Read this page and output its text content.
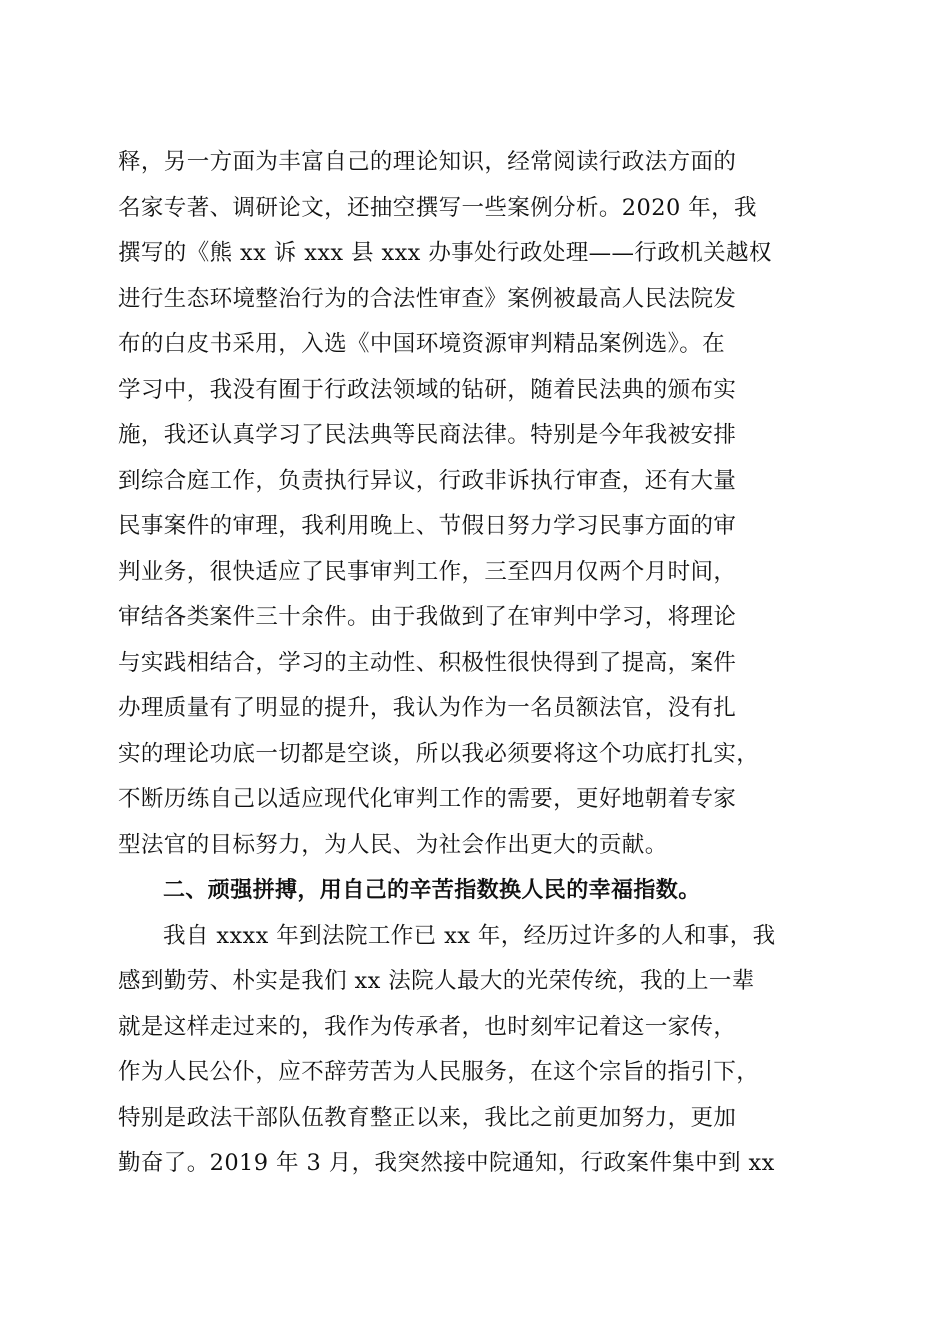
释，另一方面为丰富自己的理论知识，经常阅读行政法方面的
名家专著、调研论文，还抽空撰写一些案例分析。2020 年，我
撰写的《熊 xx 诉 xxx 县 xxx 办事处行政处理——行政机关越权
进行生态环境整治行为的合法性审查》案例被最高人民法院发
布的白皮书采用，入选《中国环境资源审判精品案例选》。在
学习中，我没有囿于行政法领域的钻研，随着民法典的颁布实
施，我还认真学习了民法典等民商法律。特别是今年我被安排
到综合庭工作，负责执行异议，行政非诉执行审查，还有大量
民事案件的审理，我利用晚上、节假日努力学习民事方面的审
判业务，很快适应了民事审判工作，三至四月仅两个月时间，
审结各类案件三十余件。由于我做到了在审判中学习，将理论
与实践相结合，学习的主动性、积极性很快得到了提高，案件
办理质量有了明显的提升，我认为作为一名员额法官，没有扎
实的理论功底一切都是空谈，所以我必须要将这个功底打扎实，
不断历练自己以适应现代化审判工作的需要，更好地朝着专家
型法官的目标努力，为人民、为社会作出更大的贡献。
二、顽强拼搏，用自己的辛苦指数换人民的幸福指数。
我自 xxxx 年到法院工作已 xx 年，经历过许多的人和事，我
感到勤劳、朴实是我们 xx 法院人最大的光荣传统，我的上一辈
就是这样走过来的，我作为传承者，也时刻牢记着这一家传，
作为人民公仆，应不辞劳苦为人民服务，在这个宗旨的指引下，
特别是政法干部队伍教育整正以来，我比之前更加努力，更加
勤奋了。2019 年 3 月，我突然接中院通知，行政案件集中到 xx
